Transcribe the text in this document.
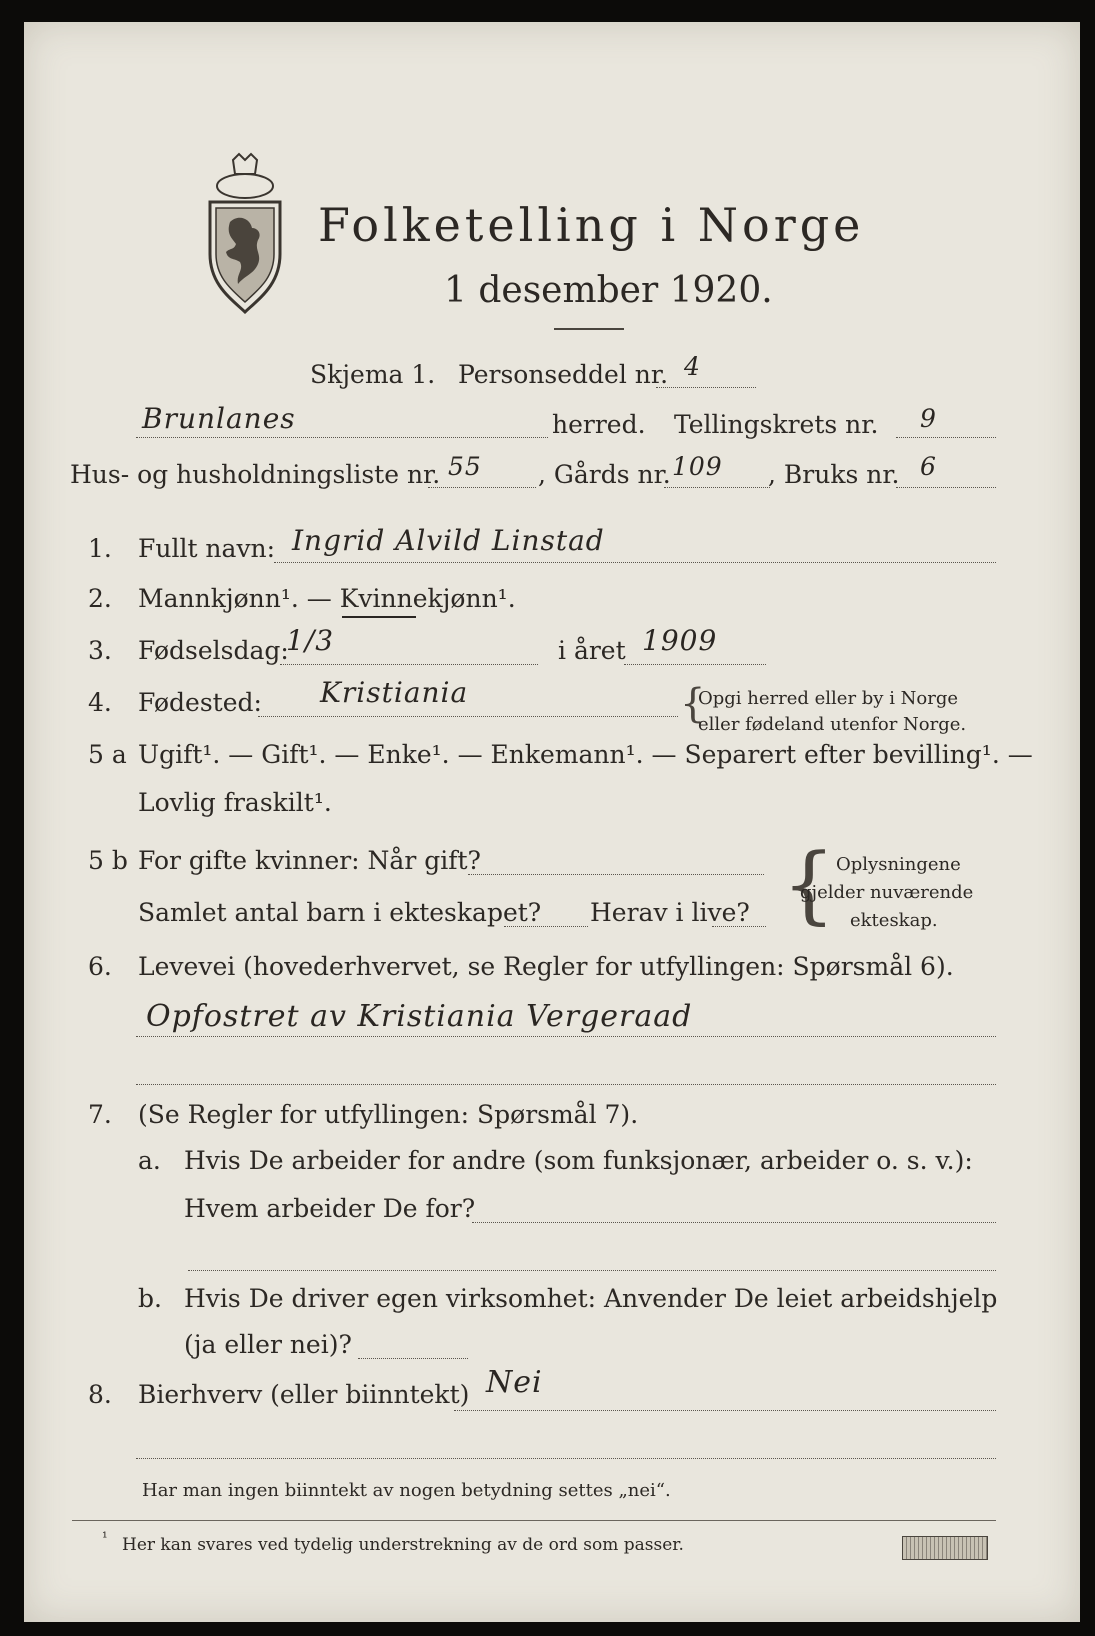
Folketelling i Norge
1 desember 1920.
Skjema 1. Personseddel nr. 4
Brunlanes	herred. Tellingskrets nr. 9
Hus- og husholdningsliste nr. 55 , Gårds nr. 109 , Bruks nr. 6
1. Fullt navn: Ingrid Alvild Linstad
2. Mannkjønn¹. — Kvinnekjønn¹.
3. Fødselsdag:
1/3	i året 1909
4. Fødested: Kristiania	{
Opgi herred eller by i Norge
eller fødeland utenfor Norge.
5 a Ugift¹. — Gift¹. — Enke¹. — Enkemann¹. — Separert efter bevilling¹. —
Lovlig fraskilt¹.
5 b For gifte kvinner: Når gift?
Samlet antal barn i ekteskapet? Herav i live? { Oplysningene
gjelder nuværende
ekteskap.
6. Levevei (hovederhvervet, se Regler for utfyllingen: Spørsmål 6).
Opfostret av Kristiania Vergeraad
7. (Se Regler for utfyllingen: Spørsmål 7).
a. Hvis De arbeider for andre (som funksjonær, arbeider o. s. v.):
Hvem arbeider De for?
b. Hvis De driver egen virksomhet: Anvender De leiet arbeidshjelp
(ja eller nei)?
8. Bierhverv (eller biinntekt) Nei
Har man ingen biinntekt av nogen betydning settes „nei“.
¹ Her kan svares ved tydelig understrekning av de ord som passer.
